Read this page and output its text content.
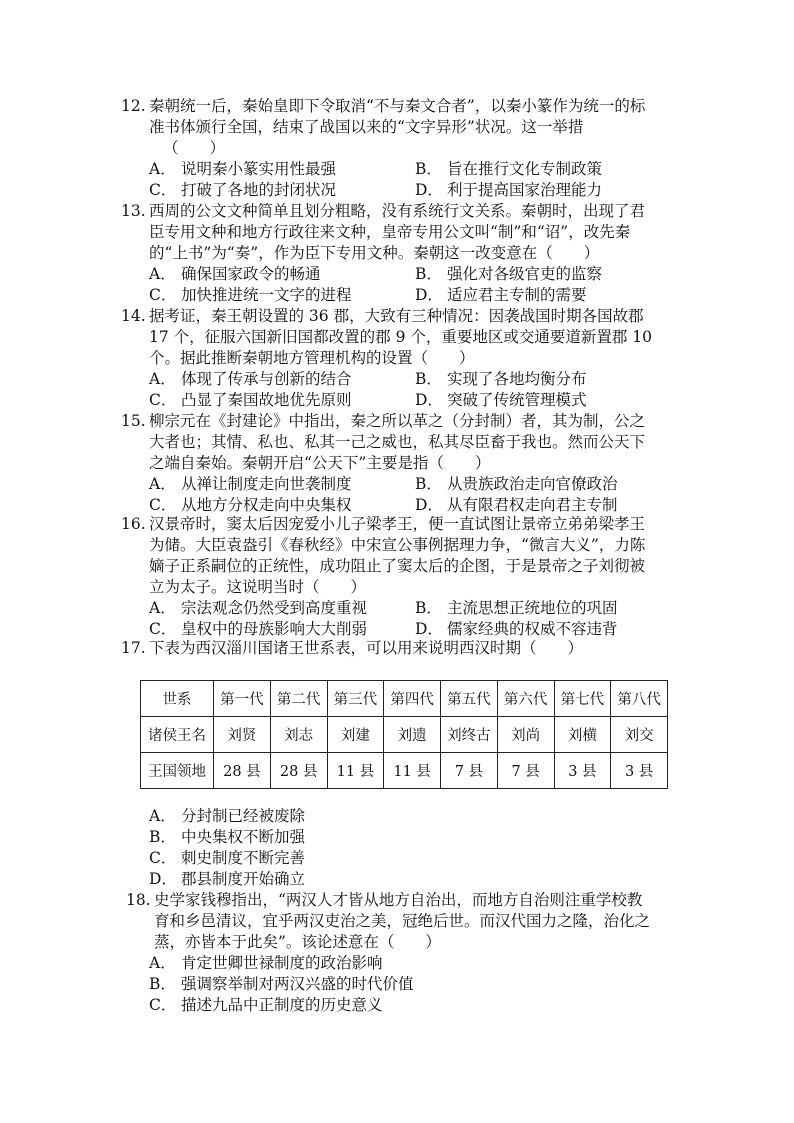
12. 秦朝统一后，秦始皇即下令取消“不与秦文合者”，以秦小篆作为统一的标
准书体颁行全国，结束了战国以来的“文字异形”状况。这一举措
（　　）
A． 说明秦小篆实用性最强	B． 旨在推行文化专制政策
C． 打破了各地的封闭状况	D． 利于提高国家治理能力
13. 西周的公文文种简单且划分粗略，没有系统行文关系。秦朝时，出现了君
臣专用文种和地方行政往来文种，皇帝专用公文叫“制”和“诏”，改先秦
的“上书”为“奏”，作为臣下专用文种。秦朝这一改变意在（　　）
A． 确保国家政令的畅通	B． 强化对各级官吏的监察
C． 加快推进统一文字的进程	D． 适应君主专制的需要
14. 据考证，秦王朝设置的 36 郡，大致有三种情况：因袭战国时期各国故郡
17 个，征服六国新旧国都改置的郡 9 个，重要地区或交通要道新置郡 10
个。据此推断秦朝地方管理机构的设置（　　）
A． 体现了传承与创新的结合	B． 实现了各地均衡分布
C． 凸显了秦国故地优先原则	D． 突破了传统管理模式
15. 柳宗元在《封建论》中指出，秦之所以革之（分封制）者，其为制，公之
大者也；其情、私也、私其一己之威也，私其尽臣畜于我也。然而公天下
之端自秦始。秦朝开启“公天下”主要是指（　　）
A． 从禅让制度走向世袭制度	B． 从贵族政治走向官僚政治
C． 从地方分权走向中央集权	D． 从有限君权走向君主专制
16. 汉景帝时，窦太后因宠爱小儿子梁孝王，便一直试图让景帝立弟弟梁孝王
为储。大臣袁盎引《春秋经》中宋宣公事例据理力争，“微言大义”，力陈
嫡子正系嗣位的正统性，成功阻止了窦太后的企图，于是景帝之子刘彻被
立为太子。这说明当时（　　）
A． 宗法观念仍然受到高度重视	B． 主流思想正统地位的巩固
C． 皇权中的母族影响大大削弱	D． 儒家经典的权威不容违背
17. 下表为西汉淄川国诸王世系表，可以用来说明西汉时期（　　）
世系	第一代	第二代	第三代	第四代	第五代	第六代	第七代	第八代
诸侯王名	刘贤	刘志	刘建	刘遗	刘终古	刘尚	刘横	刘交
王国领地	28 县	28 县	11 县	11 县	7 县	7 县	3 县	3 县
A． 分封制已经被废除
B． 中央集权不断加强
C． 刺史制度不断完善
D． 郡县制度开始确立
18. 史学家钱穆指出，“两汉人才皆从地方自治出，而地方自治则注重学校教
育和乡邑清议，宜乎两汉吏治之美，冠绝后世。而汉代国力之隆，治化之
蒸，亦皆本于此矣”。该论述意在（　　）
A． 肯定世卿世禄制度的政治影响
B． 强调察举制对两汉兴盛的时代价值
C． 描述九品中正制度的历史意义
